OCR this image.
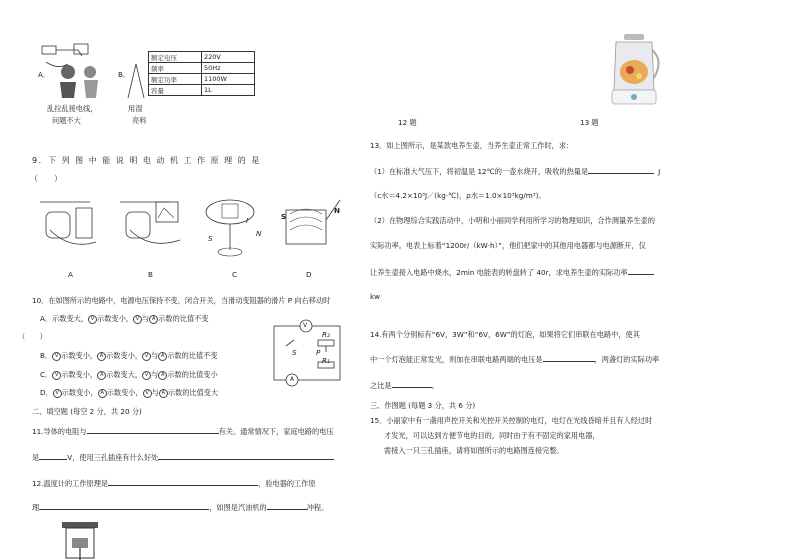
A．
乱拉乱接电线，
问题不大
B．
用湿
亮料
额定电压	220V
频率	50Hz
额定功率	1100W
容量	1L
12 题	13 题
9．下 列 图 中 能 说 明 电 动 机 工 作 原 理 的 是
（　　）
S
N
I	S
N
A	B	C	D
10．在如图所示的电路中，电源电压保持不变，闭合开关，当滑动变阻器的滑片 P 向右移动时
A．示数变大， V 示数变小， V 与 A 示数的比值不变
（　　）
B． V 示数变小， A 示数变小， V 与 A 示数的比值不变
C． V 示数变小， A 示数变大， V 与 A 示数的比值变小
D． V 示数变小， A 示数变小， V 与 A 示数的比值变大
V
A
R₂
R₁
S	P
二、填空题 (每空 2 分，共 20 分)
11.导体的电阻与	有关。通常情况下，家庭电路的电压
是	V，使用三孔插座有什么好处
12.温度计的工作原理是	，验电器的工作原
理	，如图是汽油机的	冲程。
13．如上图所示，是某款电养生壶，当养生壶正常工作时，求：
（1）在标准大气压下，将初温是 12℃的一壶水烧开，吸收的热量是	J
（c水＝4.2×10³J／(kg·℃)，ρ水＝1.0×10³kg/m³)。
（2）在物理综合实践活动中，小明和小丽同学利用所学习的物理知识，合作测量养生壶的
实际功率。电表上标着“1200r/（kW·h）”，他们把家中的其他用电器都与电源断开，仅
让养生壶接入电路中烧水，2min 电能表的转盘转了 40r，求电养生壶的实际功率
kw
14.有两个分别标有“6V，3W”和“6V，6W”的灯泡，如果将它们串联在电路中，使其
中一个灯泡能正常发光，则加在串联电路两端的电压是	，两盏灯的实际功率
之比是	。
三、作图题 (每题 3 分，共 6 分)
15．小丽家中有一盏用声控开关和光控开关控制的电灯，电灯在光线昏暗并且有人经过时
才发光，可以达到方便节电的目的，同时由于有不固定的家用电器，
需接入一只三孔插座，请将如图所示的电路图连接完整。
